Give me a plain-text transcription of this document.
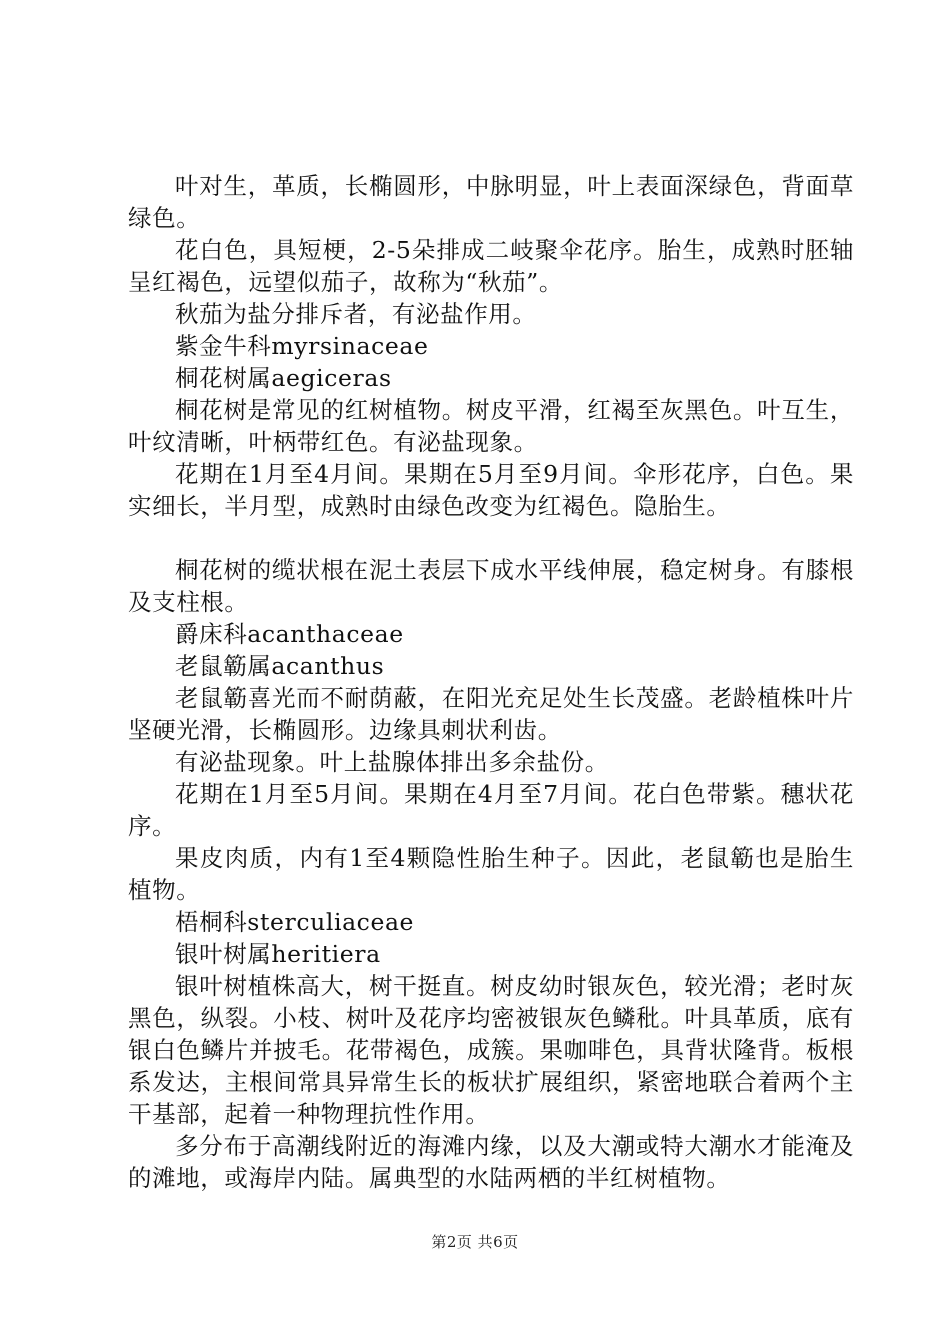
叶对生，革质，长椭圆形，中脉明显，叶上表面深绿色，背面草绿色。

花白色，具短梗，2-5朵排成二岐聚伞花序。胎生，成熟时胚轴呈红褐色，远望似茄子，故称为“秋茄”。

秋茄为盐分排斥者，有泌盐作用。

紫金牛科myrsinaceae

桐花树属aegiceras

桐花树是常见的红树植物。树皮平滑，红褐至灰黑色。叶互生，叶纹清晰，叶柄带红色。有泌盐现象。

花期在1月至4月间。果期在5月至9月间。伞形花序，白色。果实细长，半月型，成熟时由绿色改变为红褐色。隐胎生。

桐花树的缆状根在泥土表层下成水平线伸展，稳定树身。有膝根及支柱根。

爵床科acanthaceae

老鼠簕属acanthus

老鼠簕喜光而不耐荫蔽，在阳光充足处生长茂盛。老龄植株叶片坚硬光滑，长椭圆形。边缘具刺状利齿。

有泌盐现象。叶上盐腺体排出多余盐份。

花期在1月至5月间。果期在4月至7月间。花白色带紫。穗状花序。

果皮肉质，内有1至4颗隐性胎生种子。因此，老鼠簕也是胎生植物。

梧桐科sterculiaceae

银叶树属heritiera

银叶树植株高大，树干挺直。树皮幼时银灰色，较光滑；老时灰黑色，纵裂。小枝、树叶及花序均密被银灰色鳞秕。叶具革质，底有银白色鳞片并披毛。花带褐色，成簇。果咖啡色，具背状隆背。板根系发达，主根间常具异常生长的板状扩展组织，紧密地联合着两个主干基部，起着一种物理抗性作用。

多分布于高潮线附近的海滩内缘，以及大潮或特大潮水才能淹及的滩地，或海岸内陆。属典型的水陆两栖的半红树植物。

第2页 共6页
